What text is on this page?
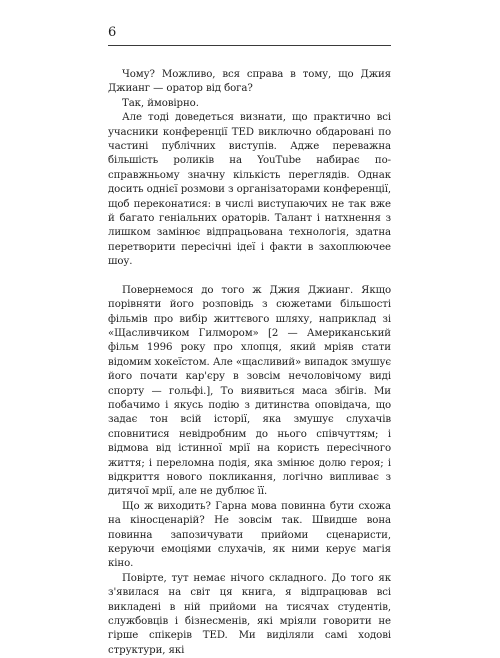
6

Чому? Можливо, вся справа в тому, що Джия Джианг — оратор від бога?

Так, ймовірно.

Але тоді доведеться визнати, що практично всі учасники конференції TED виключно обдаровані по частині публічних виступів. Адже переважна більшість роликів на YouTube набирає по-справжньому значну кількість переглядів. Однак досить однієї розмови з організаторами конференції, щоб переконатися: в числі виступаючих не так вже й багато геніальних ораторів. Талант і натхнення з лишком замінює відпрацьована технологія, здатна перетворити пересічні ідеї і факти в захоплюючее шоу.

Повернемося до того ж Джия Джианг. Якщо порівняти його розповідь з сюжетами більшості фільмів про вибір життєвого шляху, наприклад зі «Щасливчиком Гилмором» [2 — Американський фільм 1996 року про хлопця, який мріяв стати відомим хокеїстом. Але «щасливий» випадок змушує його почати кар'єру в зовсім нечоловічому виді спорту — гольфі.], То виявиться маса збігів. Ми побачимо і якусь подію з дитинства оповідача, що задає тон всій історії, яка змушує слухачів сповнитися невідробним до нього співчуттям; і відмова від істинної мрії на користь пересічного життя; і переломна подія, яка змінює долю героя; і відкриття нового покликання, логічно випливає з дитячої мрії, але не дублює її.

Що ж виходить? Гарна мова повинна бути схожа на кіносценарій? Не зовсім так. Швидше вона повинна запозичувати прийоми сценаристи, керуючи емоціями слухачів, як ними керує магія кіно.

Повірте, тут немає нічого складного. До того як з'явилася на світ ця книга, я відпрацював всі викладені в ній прийоми на тисячах студентів, службовців і бізнесменів, які мріяли говорити не гірше спікерів TED. Ми виділяли самі ходові структури, які
